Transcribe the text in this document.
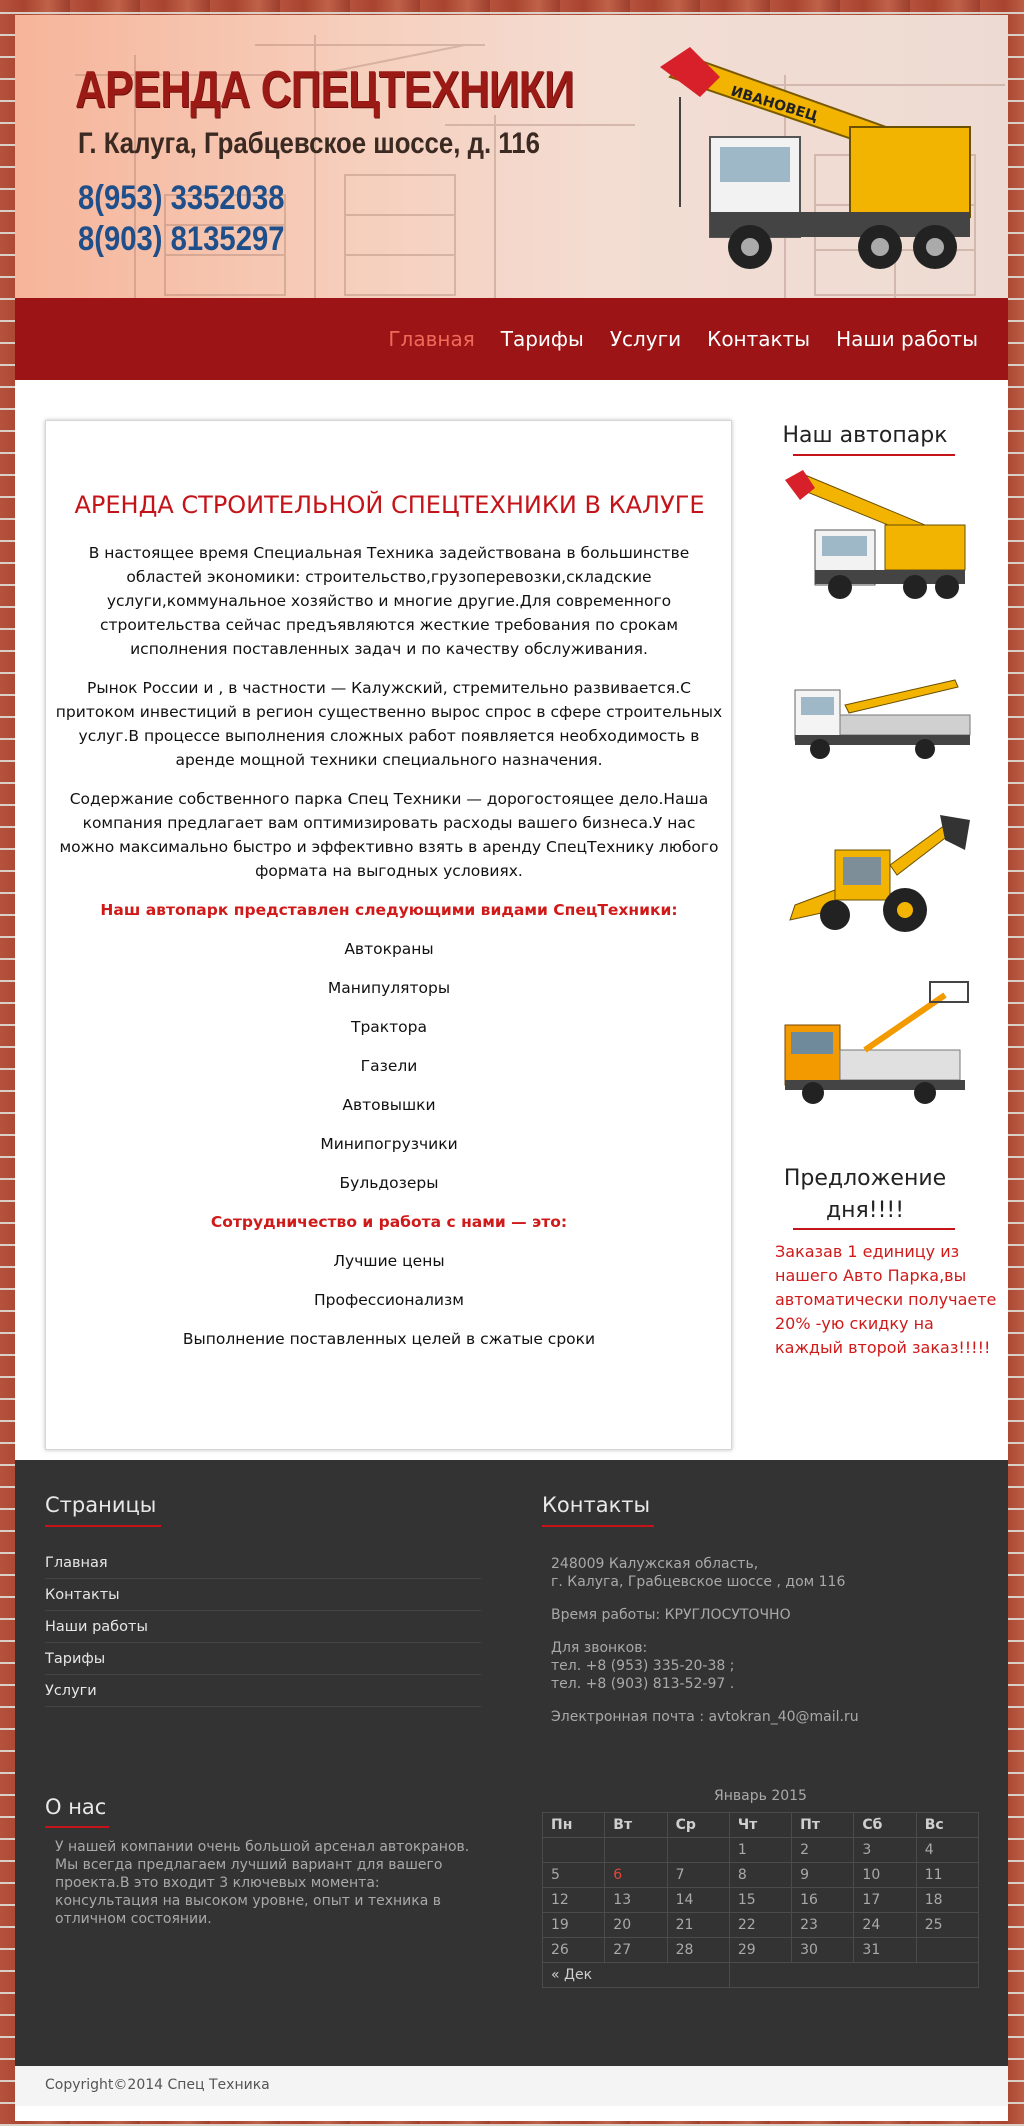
АРЕНДА СПЕЦТЕХНИКИ
Г. Калуга, Грабцевское шоссе, д. 116
8(953) 3352038
8(903) 8135297
ИВАНОВЕЦ
Главная Тарифы Услуги Контакты Наши работы
АРЕНДА СТРОИТЕЛЬНОЙ СПЕЦТЕХНИКИ В КАЛУГЕ

В настоящее время Специальная Техника задействована в большинстве областей экономики: строительство,грузоперевозки,складские услуги,коммунальное хозяйство и многие другие.Для современного строительства сейчас предъявляются жесткие требования по срокам исполнения поставленных задач и по качеству обслуживания.

Рынок России и , в частности — Калужский, стремительно развивается.С притоком инвестиций в регион существенно вырос спрос в сфере строительных услуг.В процессе выполнения сложных работ появляется необходимость в аренде мощной техники специального назначения.

Содержание собственного парка Спец Техники — дорогостоящее дело.Наша компания предлагает вам оптимизировать расходы вашего бизнеса.У нас можно максимально быстро и эффективно взять в аренду СпецТехнику любого формата на выгодных условиях.

Наш автопарк представлен следующими видами СпецТехники:

Автокраны

Манипуляторы

Трактора

Газели

Автовышки

Минипогрузчики

Бульдозеры

Сотрудничество и работа с нами — это:

Лучшие цены

Профессионализм

Выполнение поставленных целей в сжатые сроки

Наш автопарк
Предложение
дня!!!!
Заказав 1 единицу из нашего Авто Парка,вы автоматически получаете 20% -ую скидку на каждый второй заказ!!!!!
Страницы
Главная
Контакты
Наши работы
Тарифы
Услуги
Контакты
248009 Калужская область,
г. Калуга, Грабцевское шоссе , дом 116
Время работы: КРУГЛОСУТОЧНО
Для звонков:
тел. +8 (953) 335-20-38 ;
тел. +8 (903) 813-52-97 .
Электронная почта : avtokran_40@mail.ru
О нас
У нашей компании очень большой арсенал автокранов. Мы всегда предлагаем лучший вариант для вашего проекта.В это входит 3 ключевых момента: консультация на высоком уровне, опыт и техника в отличном состоянии.
Январь 2015
Пн	Вт	Ср	Чт	Пт	Сб	Вс
			1	2	3	4
5	6	7	8	9	10	11
12	13	14	15	16	17	18
19	20	21	22	23	24	25
26	27	28	29	30	31	
« Дек						
Copyright©2014 Спец Техника
